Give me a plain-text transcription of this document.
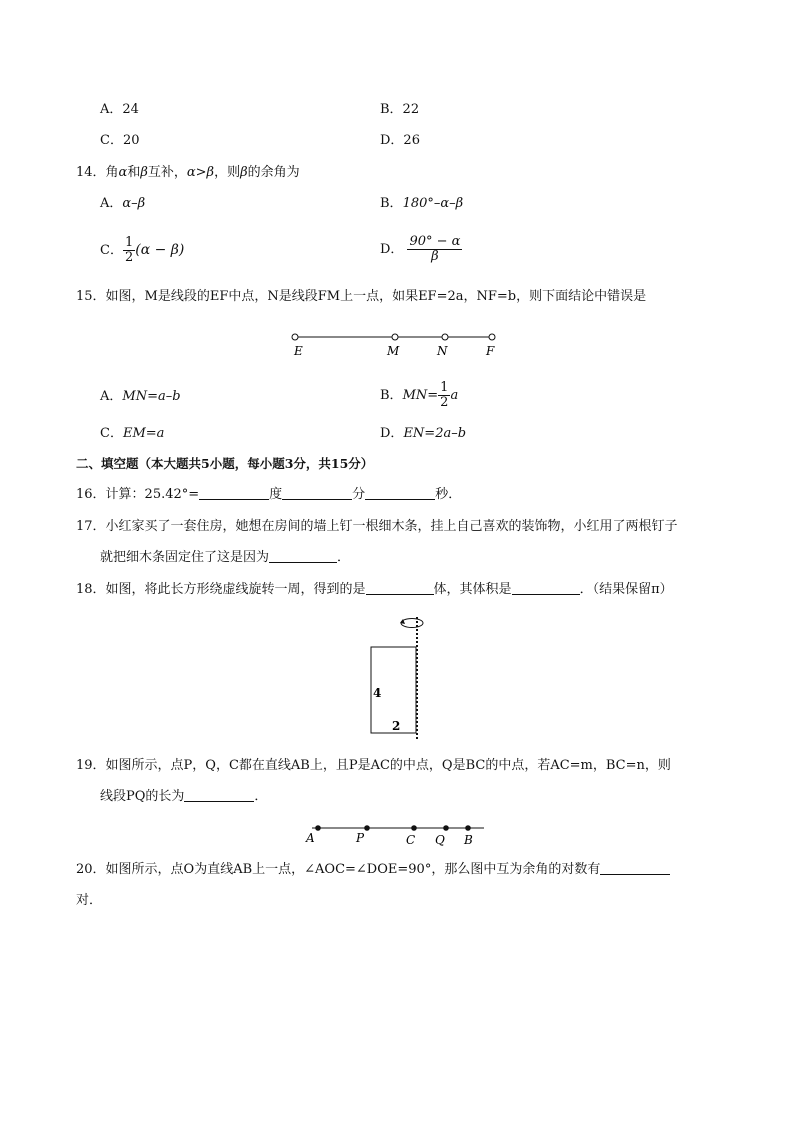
A．24	B．22
C．20	D．26
14．角α和β互补，α>β，则β的余角为
A．α–β	B．180°–α–β
C． $\frac{1}{2} (\alpha - \beta)$	D． $\frac{90^\circ - \alpha}{\beta}$
15．如图，M是线段的EF中点，N是线段FM上一点，如果EF=2a，NF=b，则下面结论中错误是
E	M	N	F
A．MN=a–b	B．$MN= \frac{1}{2}$ a
C．EM=a	D．EN=2a–b
二、填空题（本大题共5小题，每小题3分，共15分）
16．计算：25.42°=	度	分	秒．
17．小红家买了一套住房，她想在房间的墙上钉一根细木条，挂上自己喜欢的装饰物，小红用了两根钉子
就把细木条固定住了这是因为	．
18．如图，将此长方形绕虚线旋转一周，得到的是	体，其体积是	．（结果保留π）
4
2
19．如图所示，点P，Q，C都在直线AB上，且P是AC的中点，Q是BC的中点，若AC=m，BC=n，则
线段PQ的长为	．
A	P	C Q B
20．如图所示，点O为直线AB上一点，∠AOC=∠DOE=90°，那么图中互为余角的对数有
对．
